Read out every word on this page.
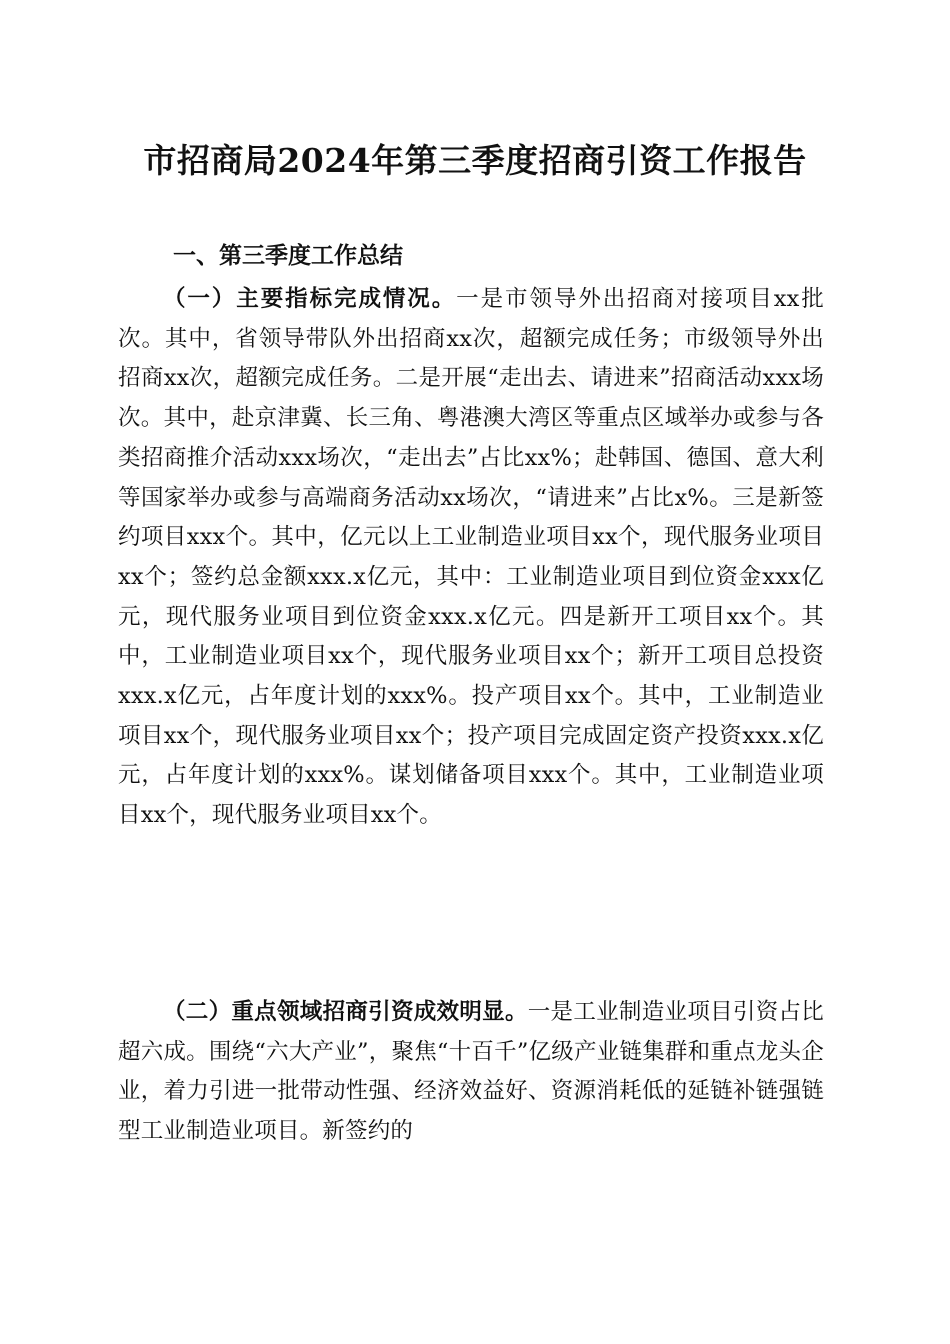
市招商局2024年第三季度招商引资工作报告
一、第三季度工作总结

（一）主要指标完成情况。一是市领导外出招商对接项目xx批次。其中，省领导带队外出招商xx次，超额完成任务；市级领导外出招商xx次，超额完成任务。二是开展“走出去、请进来”招商活动xxx场次。其中，赴京津冀、长三角、粤港澳大湾区等重点区域举办或参与各类招商推介活动xxx场次，“走出去”占比xx%；赴韩国、德国、意大利等国家举办或参与高端商务活动xx场次，“请进来”占比x%。三是新签约项目xxx个。其中，亿元以上工业制造业项目xx个，现代服务业项目xx个；签约总金额xxx.x亿元，其中：工业制造业项目到位资金xxx亿元，现代服务业项目到位资金xxx.x亿元。四是新开工项目xx个。其中，工业制造业项目xx个，现代服务业项目xx个；新开工项目总投资xxx.x亿元，占年度计划的xxx%。投产项目xx个。其中，工业制造业项目xx个，现代服务业项目xx个；投产项目完成固定资产投资xxx.x亿元，占年度计划的xxx%。谋划储备项目xxx个。其中，工业制造业项目xx个，现代服务业项目xx个。

（二）重点领域招商引资成效明显。一是工业制造业项目引资占比超六成。围绕“六大产业”，聚焦“十百千”亿级产业链集群和重点龙头企业，着力引进一批带动性强、经济效益好、资源消耗低的延链补链强链型工业制造业项目。新签约的
